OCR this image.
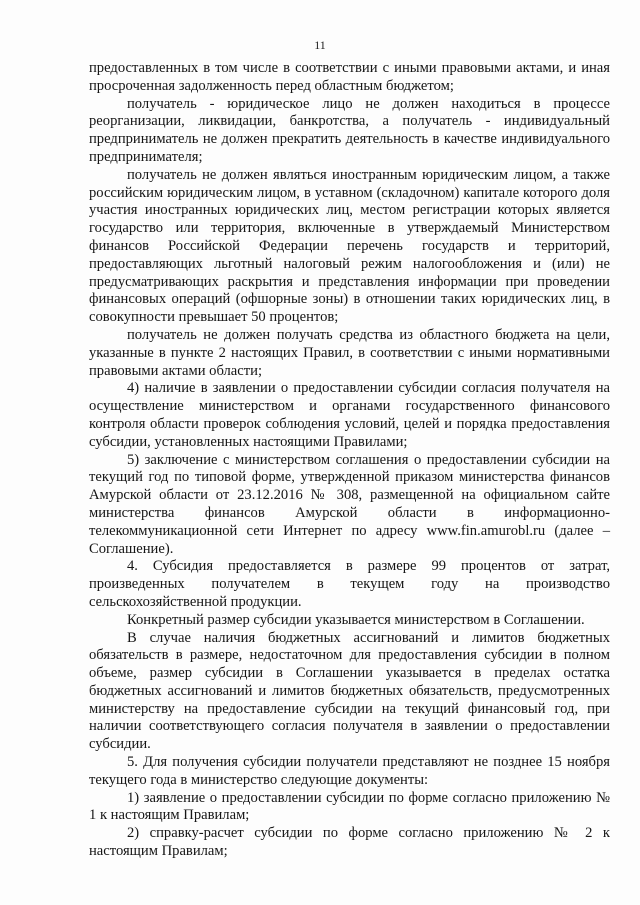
11

предоставленных в том числе в соответствии с иными правовыми актами, и иная просроченная задолженность перед областным бюджетом;

получатель - юридическое лицо не должен находиться в процессе реорганизации, ликвидации, банкротства, а получатель - индивидуальный предприниматель не должен прекратить деятельность в качестве индивидуального предпринимателя;

получатель не должен являться иностранным юридическим лицом, а также российским юридическим лицом, в уставном (складочном) капитале которого доля участия иностранных юридических лиц, местом регистрации которых является государство или территория, включенные в утверждаемый Министерством финансов Российской Федерации перечень государств и территорий, предоставляющих льготный налоговый режим налогообложения и (или) не предусматривающих раскрытия и представления информации при проведении финансовых операций (офшорные зоны) в отношении таких юридических лиц, в совокупности превышает 50 процентов;

получатель не должен получать средства из областного бюджета на цели, указанные в пункте 2 настоящих Правил, в соответствии с иными нормативными правовыми актами области;

4) наличие в заявлении о предоставлении субсидии согласия получателя на осуществление министерством и органами государственного финансового контроля области проверок соблюдения условий, целей и порядка предоставления субсидии, установленных настоящими Правилами;

5) заключение с министерством соглашения о предоставлении субсидии на текущий год по типовой форме, утвержденной приказом министерства финансов Амурской области от 23.12.2016 № 308, размещенной на официальном сайте министерства финансов Амурской области в информационно-телекоммуникационной сети Интернет по адресу www.fin.amurobl.ru (далее – Соглашение).

4. Субсидия предоставляется в размере 99 процентов от затрат, произведенных получателем в текущем году на производство сельскохозяйственной продукции.

Конкретный размер субсидии указывается министерством в Соглашении.

В случае наличия бюджетных ассигнований и лимитов бюджетных обязательств в размере, недостаточном для предоставления субсидии в полном объеме, размер субсидии в Соглашении указывается в пределах остатка бюджетных ассигнований и лимитов бюджетных обязательств, предусмотренных министерству на предоставление субсидии на текущий финансовый год, при наличии соответствующего согласия получателя в заявлении о предоставлении субсидии.

5. Для получения субсидии получатели представляют не позднее 15 ноября текущего года в министерство следующие документы:

1) заявление о предоставлении субсидии по форме согласно приложению № 1 к настоящим Правилам;

2) справку-расчет субсидии по форме согласно приложению № 2 к настоящим Правилам;
